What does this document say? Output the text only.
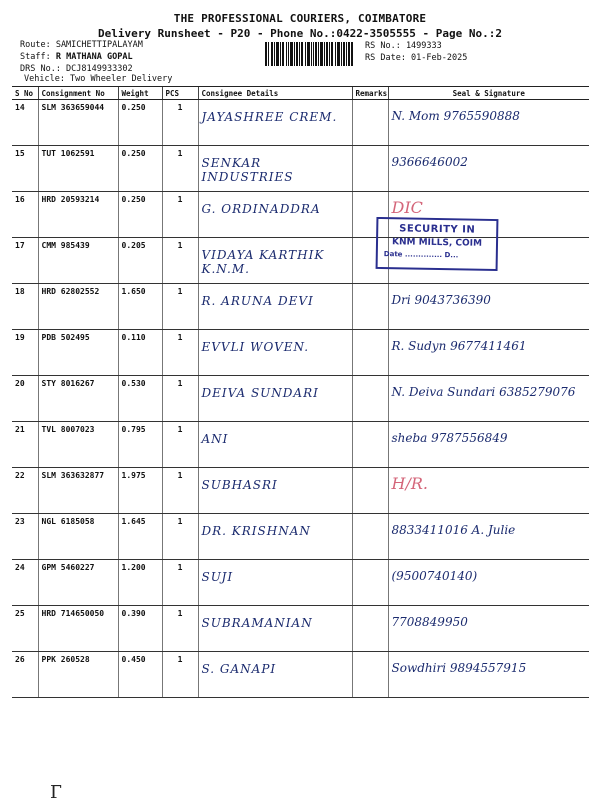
THE PROFESSIONAL COURIERS, COIMBATORE
Delivery Runsheet - P20 - Phone No.:0422-3505555 - Page No.:2
Route: SAMICHETTIPALAYAM
Staff: R MATHANA GOPAL
DRS No.: DCJ8149933302
Vehicle: Two Wheeler Delivery
RS No.: 1499333
RS Date: 01-Feb-2025
S No	Consignment No	Weight	PCS	Consignee Details	Remarks	Seal & Signature
14	SLM 363659044	0.250	1	JAYASHREE CREM.		N. Mom 9765590888
15	TUT 1062591	0.250	1	SENKAR INDUSTRIES		9366646002
16	HRD 20593214	0.250	1	G. ORDINADDRA		DIC
17	CMM 985439	0.205	1	VIDAYA KARTHIK K.N.M.		
18	HRD 62802552	1.650	1	R. ARUNA DEVI		Dri 9043736390
19	PDB 502495	0.110	1	EVVLI WOVEN.		R. Sudyn 9677411461
20	STY 8016267	0.530	1	DEIVA SUNDARI		N. Deiva Sundari 6385279076
21	TVL 8007023	0.795	1	ANI		sheba 9787556849
22	SLM 363632877	1.975	1	SUBHASRI		H/R.
23	NGL 6185058	1.645	1	DR. KRISHNAN		8833411016 A. Julie
24	GPM 5460227	1.200	1	SUJI		(9500740140)
25	HRD 714650050	0.390	1	SUBRAMANIAN		7708849950
26	PPK 260528	0.450	1	S. GANAPI		Sowdhiri 9894557915
SECURITY IN
KNM MILLS, COIM
Date .............. D...
Г
